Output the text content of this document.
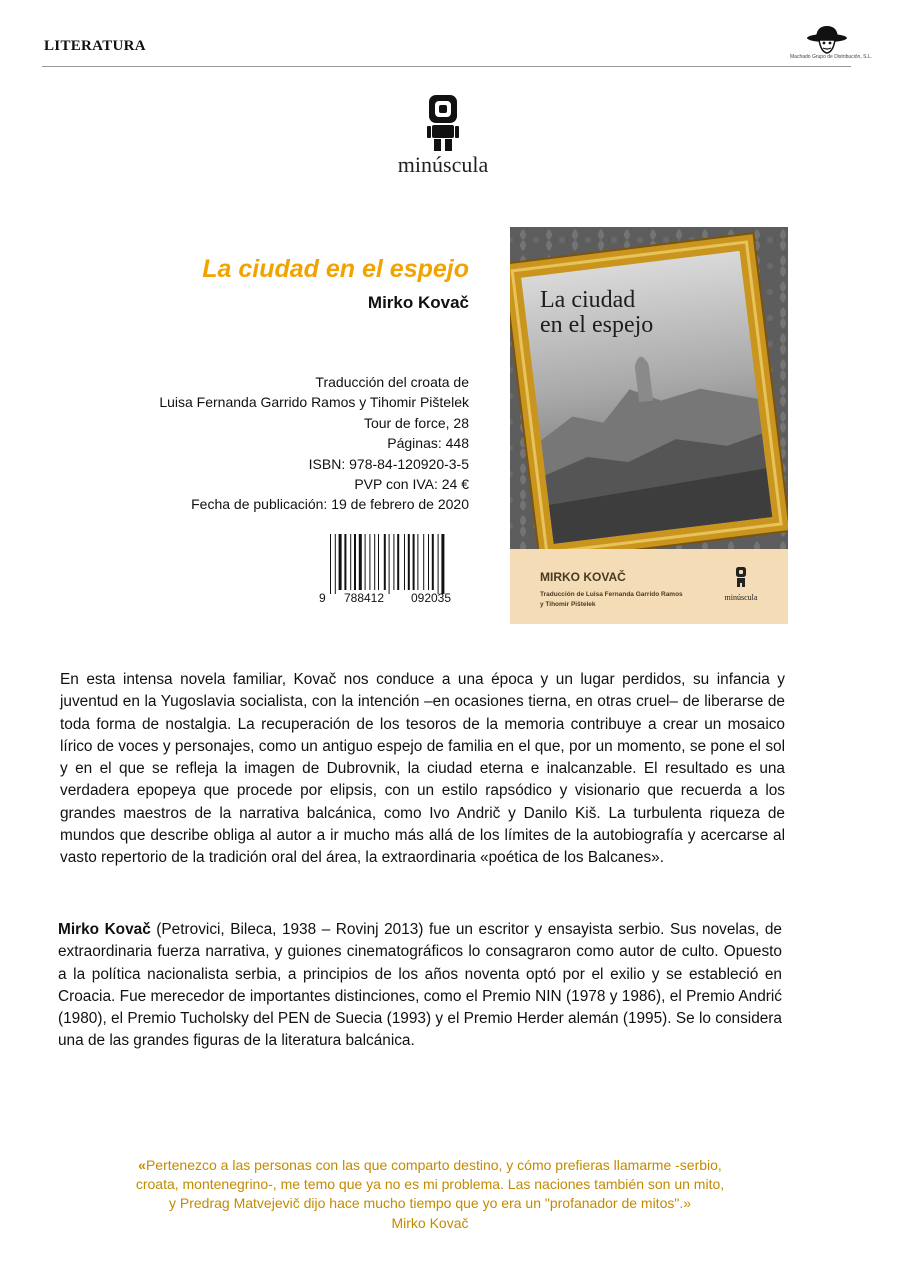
LITERATURA
Machado Grupo de Distribución, S.L.
minúscula
La ciudad en el espejo
Mirko Kovač
Traducción del croata de
Luisa Fernanda Garrido Ramos y Tihomir Pištelek
Tour de force, 28
Páginas: 448
ISBN: 978-84-120920-3-5
PVP con IVA: 24 €
Fecha de publicación: 19 de febrero de 2020
9 788412 092035
La ciudad
en el espejo
MIRKO KOVAČ
Traducción de Luisa Fernanda Garrido Ramos
y Tihomir Pištelek
minúscula
En esta intensa novela familiar, Kovač nos conduce a una época y un lugar perdidos, su infancia y juventud en la Yugoslavia socialista, con la intención –en ocasiones tierna, en otras cruel– de liberarse de toda forma de nostalgia. La recuperación de los tesoros de la memoria contribuye a crear un mosaico lírico de voces y personajes, como un antiguo espejo de familia en el que, por un momento, se pone el sol y en el que se refleja la imagen de Dubrovnik, la ciudad eterna e inalcanzable. El resultado es una verdadera epopeya que procede por elipsis, con un estilo rapsódico y visionario que recuerda a los grandes maestros de la narrativa balcánica, como Ivo Andrič y Danilo Kiš. La turbulenta riqueza de mundos que describe obliga al autor a ir mucho más allá de los límites de la autobiografía y acercarse al vasto repertorio de la tradición oral del área, la extraordinaria «poética de los Balcanes».
Mirko Kovač (Petrovici, Bileca, 1938 – Rovinj 2013) fue un escritor y ensayista serbio. Sus novelas, de extraordinaria fuerza narrativa, y guiones cinematográficos lo consagraron como autor de culto. Opuesto a la política nacionalista serbia, a principios de los años noventa optó por el exilio y se estableció en Croacia. Fue merecedor de importantes distinciones, como el Premio NIN (1978 y 1986), el Premio Andrić (1980), el Premio Tucholsky del PEN de Suecia (1993) y el Premio Herder alemán (1995). Se lo considera una de las grandes figuras de la literatura balcánica.
«Pertenezco a las personas con las que comparto destino, y cómo prefieras llamarme -serbio,
croata, montenegrino-, me temo que ya no es mi problema. Las naciones también son un mito,
y Predrag Matvejevič dijo hace mucho tiempo que yo era un "profanador de mitos".»
Mirko Kovač
